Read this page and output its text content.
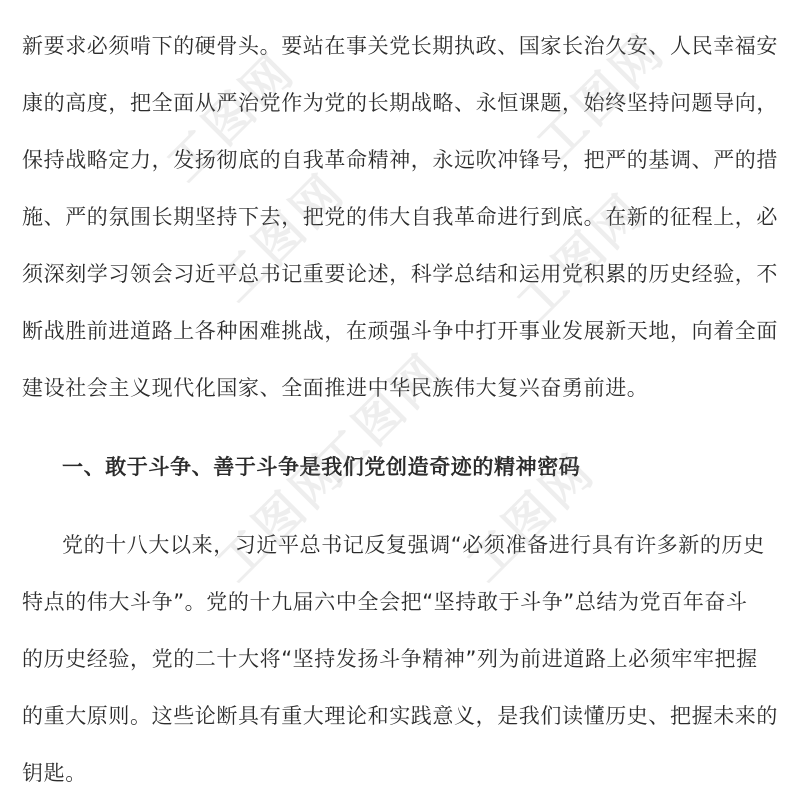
新要求必须啃下的硬骨头。要站在事关党长期执政、国家长治久安、人民幸福安
康的高度，把全面从严治党作为党的长期战略、永恒课题，始终坚持问题导向，
保持战略定力，发扬彻底的自我革命精神，永远吹冲锋号，把严的基调、严的措
施、严的氛围长期坚持下去，把党的伟大自我革命进行到底。在新的征程上，必
须深刻学习领会习近平总书记重要论述，科学总结和运用党积累的历史经验，不
断战胜前进道路上各种困难挑战，在顽强斗争中打开事业发展新天地，向着全面
建设社会主义现代化国家、全面推进中华民族伟大复兴奋勇前进。
一、敢于斗争、善于斗争是我们党创造奇迹的精神密码
党的十八大以来，习近平总书记反复强调“必须准备进行具有许多新的历史
特点的伟大斗争”。党的十九届六中全会把“坚持敢于斗争”总结为党百年奋斗
的历史经验，党的二十大将“坚持发扬斗争精神”列为前进道路上必须牢牢把握
的重大原则。这些论断具有重大理论和实践意义，是我们读懂历史、把握未来的
钥匙。
工图网
工图网
工图网
工图网
工图网
工图网
工图网
